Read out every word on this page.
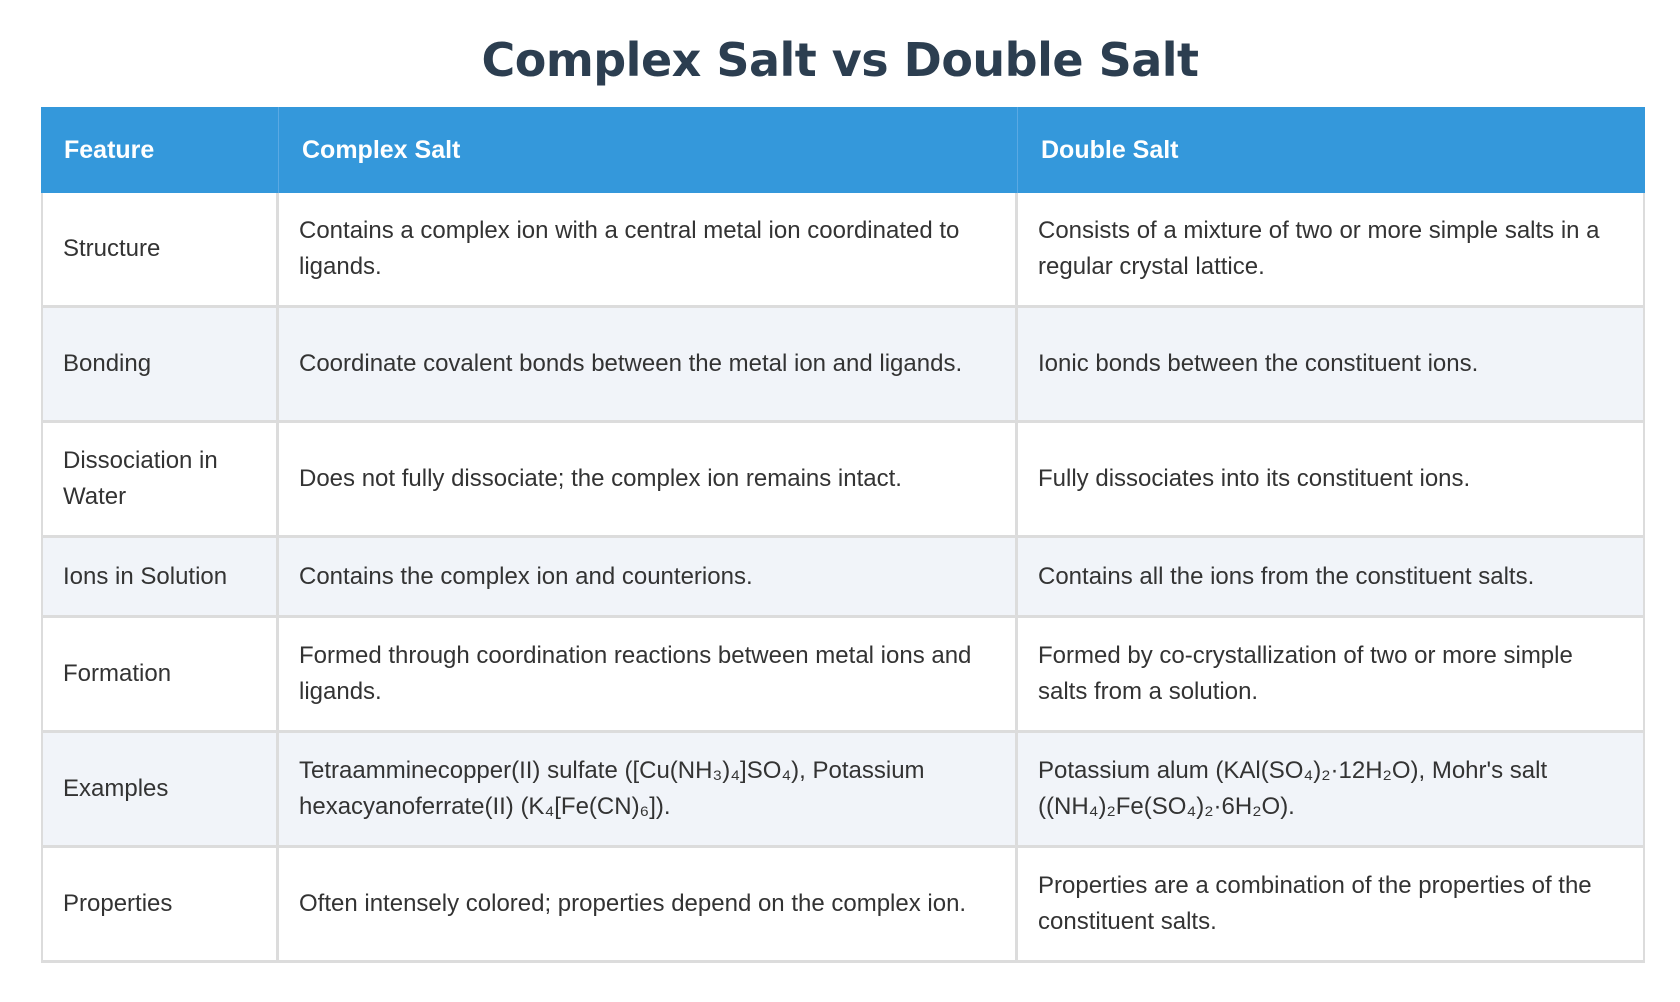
Complex Salt vs Double Salt
Feature	Complex Salt	Double Salt
Structure	Contains a complex ion with a central metal ion coordinated to ligands.	Consists of a mixture of two or more simple salts in a regular crystal lattice.
Bonding	Coordinate covalent bonds between the metal ion and ligands.	Ionic bonds between the constituent ions.
Dissociation in Water	Does not fully dissociate; the complex ion remains intact.	Fully dissociates into its constituent ions.
Ions in Solution	Contains the complex ion and counterions.	Contains all the ions from the constituent salts.
Formation	Formed through coordination reactions between metal ions and ligands.	Formed by co-crystallization of two or more simple salts from a solution.
Examples	Tetraamminecopper(II) sulfate ([Cu(NH₃)₄]SO₄), Potassium hexacyanoferrate(II) (K₄[Fe(CN)₆]).	Potassium alum (KAl(SO₄)₂·12H₂O), Mohr's salt ((NH₄)₂Fe(SO₄)₂·6H₂O).
Properties	Often intensely colored; properties depend on the complex ion.	Properties are a combination of the properties of the constituent salts.
